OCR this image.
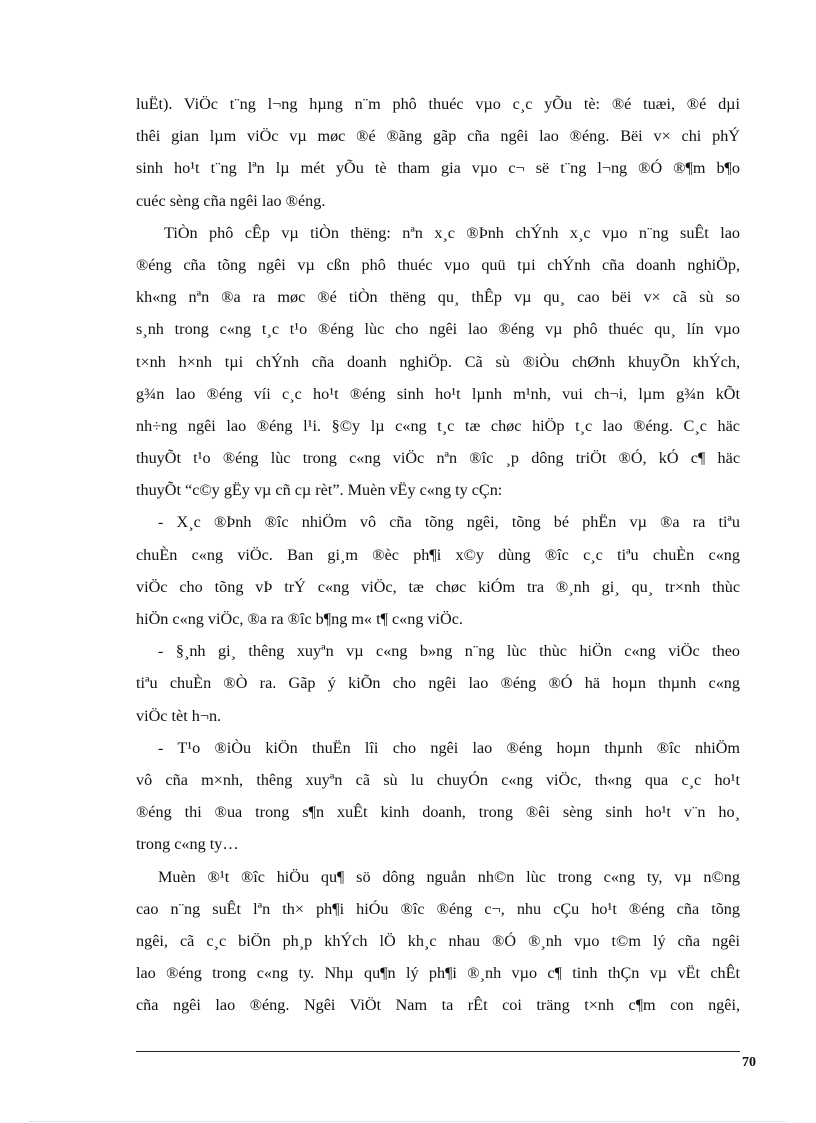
luËt). ViÖc t¨ng l¬ng hµng n¨m phô thuéc vµo c¸c yÕu tè: ®é tuæi, ®é dµi
thêi gian lµm viÖc vµ møc ®é ®ãng gãp cña ngêi lao ®éng. Bëi v× chi phÝ
sinh ho¹t t¨ng lªn lµ mét yÕu tè tham gia vµo c¬ së t¨ng l¬ng ®Ó ®¶m b¶o
cuéc sèng cña ngêi lao ®éng.
TiÒn phô cÊp vµ tiÒn thëng: nªn x¸c ®Þnh chÝnh x¸c vµo n¨ng suÊt lao
®éng cña tõng ngêi vµ cßn phô thuéc vµo quü tµi chÝnh cña doanh nghiÖp,
kh«ng nªn ®a ra møc ®é tiÒn thëng qu¸ thÊp vµ qu¸ cao bëi v× cã sù so
s¸nh trong c«ng t¸c t¹o ®éng lùc cho ngêi lao ®éng vµ phô thuéc qu¸ lín vµo
t×nh h×nh tµi chÝnh cña doanh nghiÖp. Cã sù ®iÒu chØnh khuyÕn khÝch,
g¾n lao ®éng víi c¸c ho¹t ®éng sinh ho¹t lµnh m¹nh, vui ch¬i, lµm g¾n kÕt
nh÷ng ngêi lao ®éng l¹i. §©y lµ c«ng t¸c tæ chøc hiÖp t¸c lao ®éng. C¸c häc
thuyÕt t¹o ®éng lùc trong c«ng viÖc nªn ®îc ¸p dông triÖt ®Ó, kÓ c¶ häc
thuyÕt “c©y gËy vµ cñ cµ rèt”. Muèn vËy c«ng ty cÇn:
- X¸c ®Þnh ®îc nhiÖm vô cña tõng ngêi, tõng bé phËn vµ ®a ra tiªu
chuÈn c«ng viÖc. Ban gi¸m ®èc ph¶i x©y dùng ®îc c¸c tiªu chuÈn c«ng
viÖc cho tõng vÞ trÝ c«ng viÖc, tæ chøc kiÓm tra ®¸nh gi¸ qu¸ tr×nh thùc
hiÖn c«ng viÖc, ®a ra ®îc b¶ng m« t¶ c«ng viÖc.
- §¸nh gi¸ thêng xuyªn vµ c«ng b»ng n¨ng lùc thùc hiÖn c«ng viÖc theo
tiªu chuÈn ®Ò ra. Gãp ý kiÕn cho ngêi lao ®éng ®Ó hä hoµn thµnh c«ng
viÖc tèt h¬n.
- T¹o ®iÒu kiÖn thuËn lîi cho ngêi lao ®éng hoµn thµnh ®îc nhiÖm
vô cña m×nh, thêng xuyªn cã sù lu chuyÓn c«ng viÖc, th«ng qua c¸c ho¹t
®éng thi ®ua trong s¶n xuÊt kinh doanh, trong ®êi sèng sinh ho¹t v¨n ho¸
trong c«ng ty…
Muèn ®¹t ®îc hiÖu qu¶ sö dông nguån nh©n lùc trong c«ng ty, vµ n©ng
cao n¨ng suÊt lªn th× ph¶i hiÓu ®îc ®éng c¬, nhu cÇu ho¹t ®éng cña tõng
ngêi, cã c¸c biÖn ph¸p khÝch lÖ kh¸c nhau ®Ó ®¸nh vµo t©m lý cña ngêi
lao ®éng trong c«ng ty. Nhµ qu¶n lý ph¶i ®¸nh vµo c¶ tinh thÇn vµ vËt chÊt
cña ngêi lao ®éng. Ngêi ViÖt Nam ta rÊt coi träng t×nh c¶m con ngêi,
70
